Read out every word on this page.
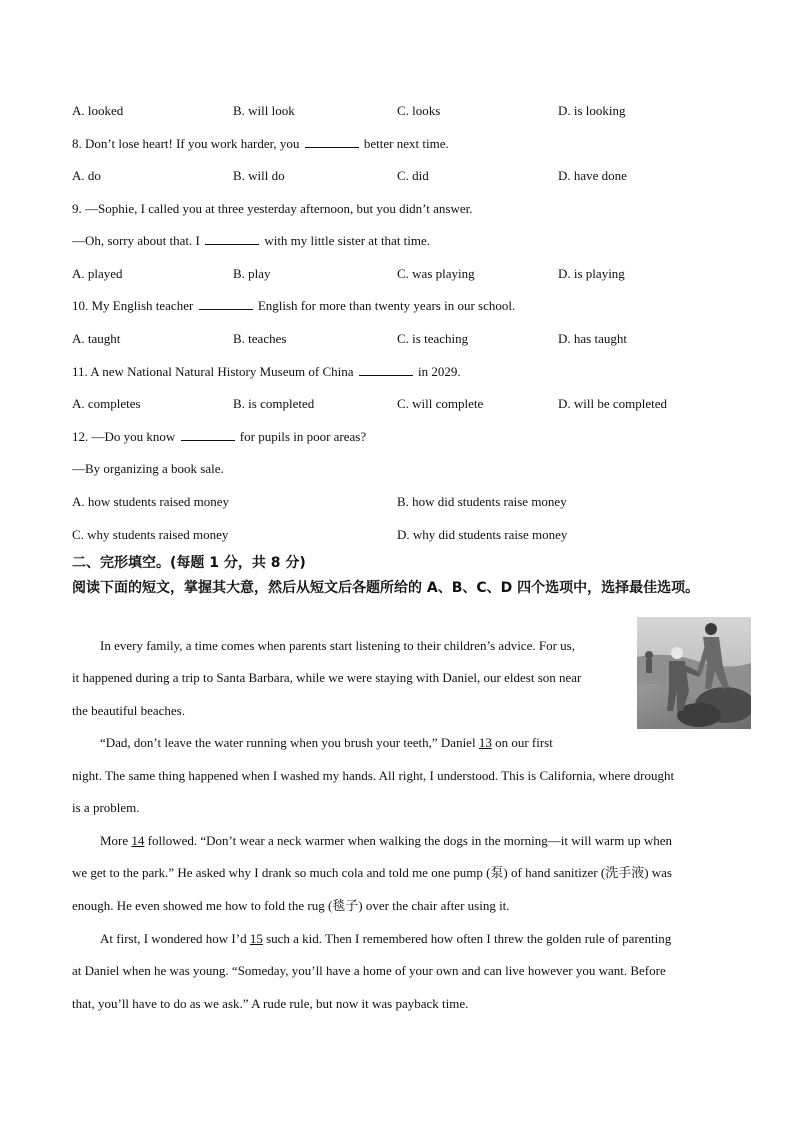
A. looked	B. will look	C. looks	D. is looking
8. Don’t lose heart! If you work harder, you	better next time.
A. do	B. will do	C. did	D. have done
9. —Sophie, I called you at three yesterday afternoon, but you didn’t answer.
—Oh, sorry about that. I	with my little sister at that time.
A. played	B. play	C. was playing	D. is playing
10. My English teacher	English for more than twenty years in our school.
A. taught	B. teaches	C. is teaching	D. has taught
11. A new National Natural History Museum of China	in 2029.
A. completes	B. is completed	C. will complete	D. will be completed
12. —Do you know	for pupils in poor areas?
—By organizing a book sale.
A. how students raised money	B. how did students raise money
C. why students raised money	D. why did students raise money
二、完形填空。(每题 1 分，共 8 分)
阅读下面的短文，掌握其大意，然后从短文后各题所给的 A、B、C、D 四个选项中，选择最佳选项。
In every family, a time comes when parents start listening to their children’s advice. For us,
it happened during a trip to Santa Barbara, while we were staying with Daniel, our eldest son near
the beautiful beaches.
“Dad, don’t leave the water running when you brush your teeth,” Daniel 13 on our first
night. The same thing happened when I washed my hands. All right, I understood. This is California, where drought
is a problem.
More 14 followed. “Don’t wear a neck warmer when walking the dogs in the morning—it will warm up when
we get to the park.” He asked why I drank so much cola and told me one pump (泵) of hand sanitizer (洗手液) was
enough. He even showed me how to fold the rug (毯子) over the chair after using it.
At first, I wondered how I’d 15 such a kid. Then I remembered how often I threw the golden rule of parenting
at Daniel when he was young. “Someday, you’ll have a home of your own and can live however you want. Before
that, you’ll have to do as we ask.” A rude rule, but now it was payback time.
